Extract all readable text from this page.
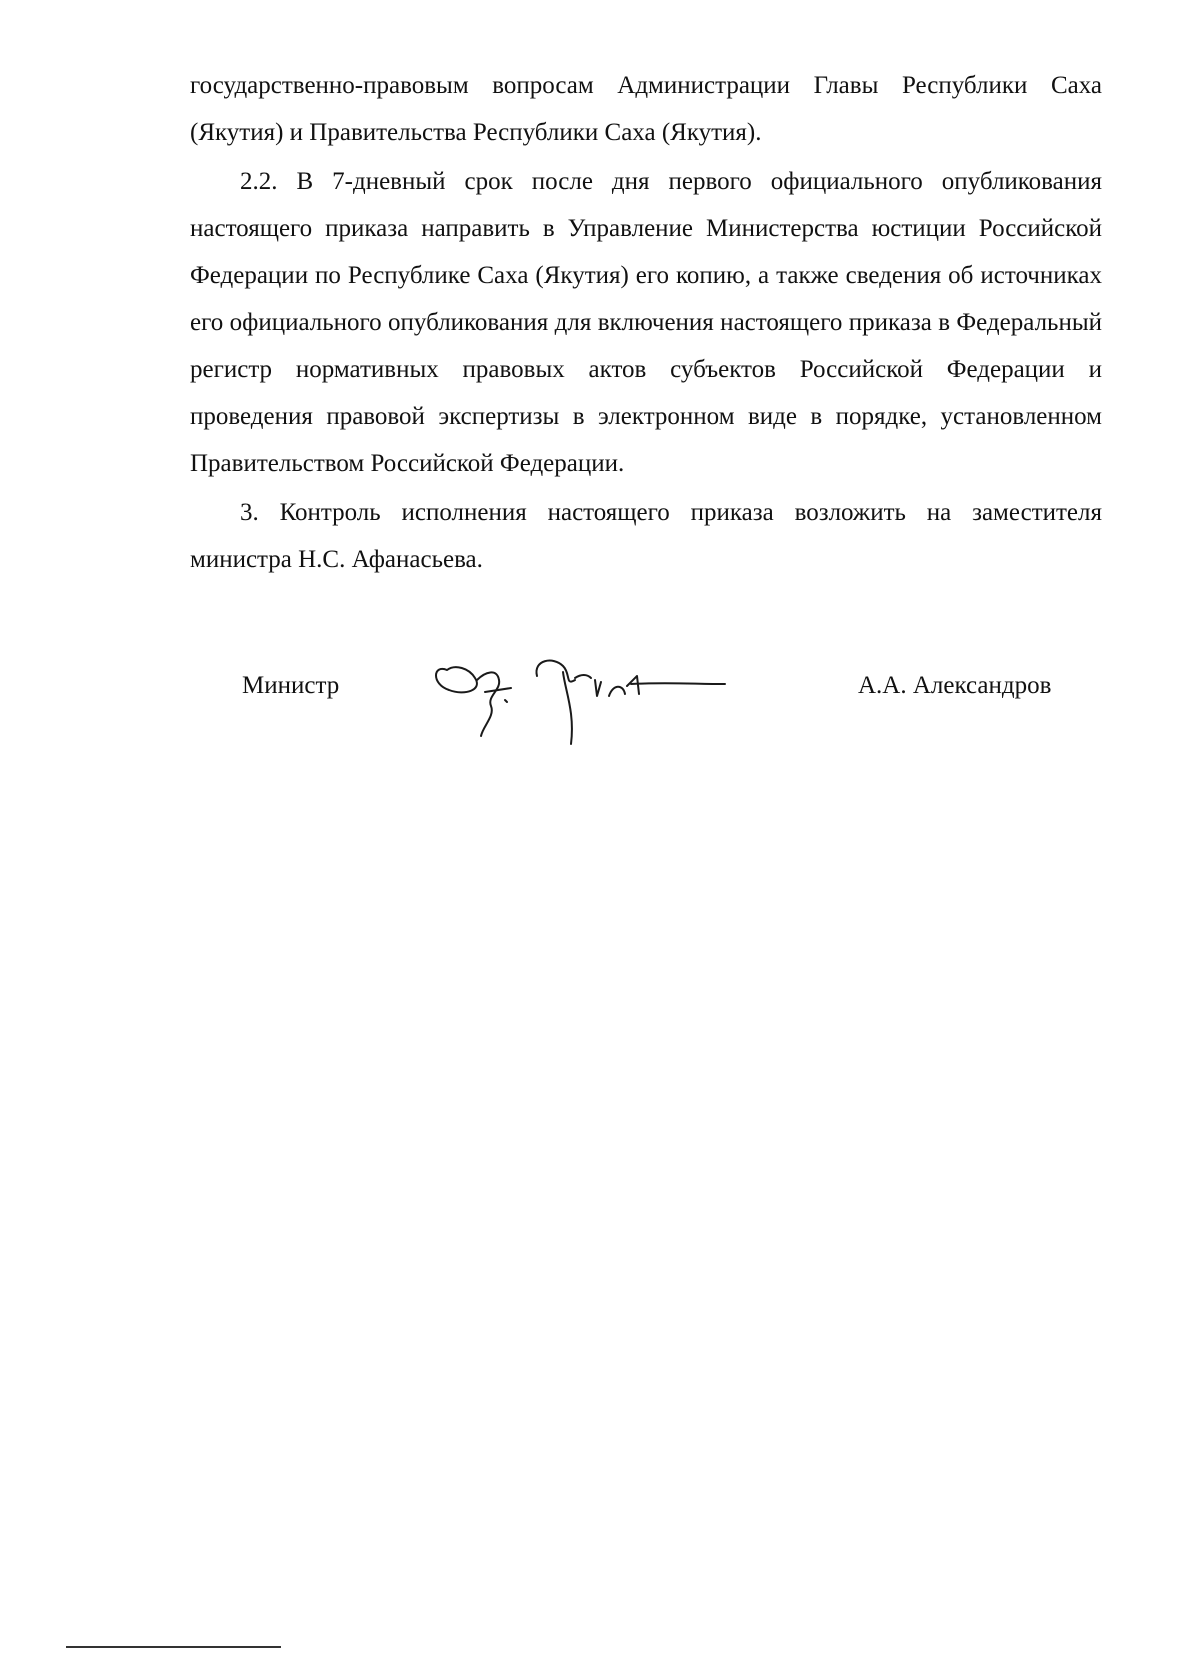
государственно-правовым вопросам Администрации Главы Республики Саха (Якутия) и Правительства Республики Саха (Якутия).

2.2. В 7-дневный срок после дня первого официального опубликования настоящего приказа направить в Управление Министерства юстиции Российской Федерации по Республике Саха (Якутия) его копию, а также сведения об источниках его официального опубликования для включения настоящего приказа в Федеральный регистр нормативных правовых актов субъектов Российской Федерации и проведения правовой экспертизы в электронном виде в порядке, установленном Правительством Российской Федерации.

3. Контроль исполнения настоящего приказа возложить на заместителя министра Н.С. Афанасьева.

Министр	А.А. Александров
